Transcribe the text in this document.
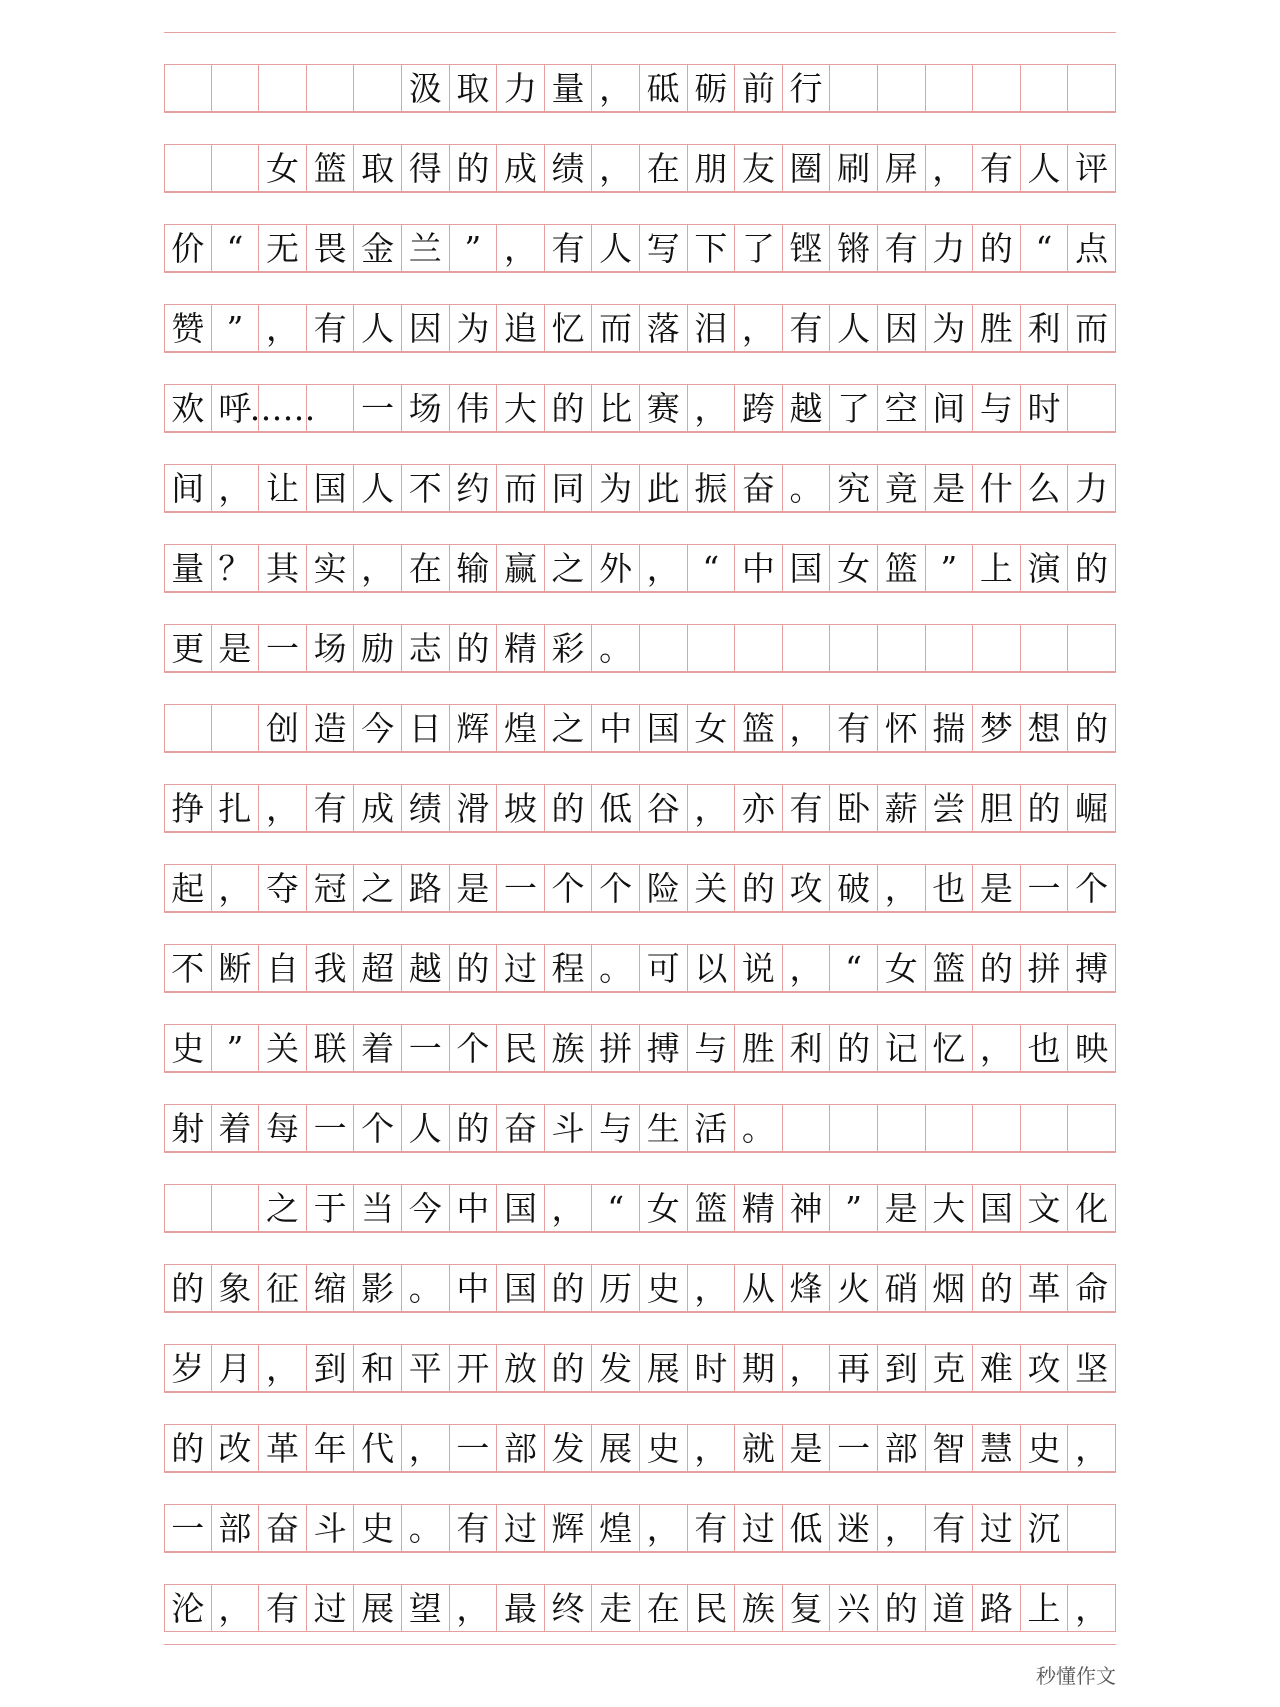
汲 取 力 量 ， 砥 砺 前 行
女 篮 取 得 的 成 绩 ， 在 朋 友 圈 刷 屏 ， 有 人 评
价 “ 无 畏 金 兰 ” ， 有 人 写 下 了 铿 锵 有 力 的 “ 点
赞 ” ， 有 人 因 为 追 忆 而 落 泪 ， 有 人 因 为 胜 利 而
欢 呼
…… 一 场 伟 大 的 比 赛 ， 跨 越 了 空 间 与 时
间 ， 让 国 人 不 约 而 同 为 此 振 奋 。 究 竟 是 什 么 力
量 ？ 其 实 ， 在 输 赢 之 外 ， “ 中 国 女 篮 ” 上 演 的
更 是 一 场 励 志 的 精 彩 。
创 造 今 日 辉 煌 之 中 国 女 篮 ， 有 怀 揣 梦 想 的
挣 扎 ， 有 成 绩 滑 坡 的 低 谷 ， 亦 有 卧 薪 尝 胆 的 崛
起 ， 夺 冠 之 路 是 一 个 个 险 关 的 攻 破 ， 也 是 一 个
不 断 自 我 超 越 的 过 程 。 可 以 说 ， “ 女 篮 的 拼 搏
史 ” 关 联 着 一 个 民 族 拼 搏 与 胜 利 的 记 忆 ， 也 映
射 着 每 一 个 人 的 奋 斗 与 生 活 。
之 于 当 今 中 国 ， “ 女 篮 精 神 ” 是 大 国 文 化
的 象 征 缩 影 。 中 国 的 历 史 ， 从 烽 火 硝 烟 的 革 命
岁 月 ， 到 和 平 开 放 的 发 展 时 期 ， 再 到 克 难 攻 坚
的 改 革 年 代 ， 一 部 发 展 史 ， 就 是 一 部 智 慧 史 ，
一 部 奋 斗 史 。 有 过 辉 煌 ， 有 过 低 迷 ， 有 过 沉
沦 ， 有 过 展 望 ， 最 终 走 在 民 族 复 兴 的 道 路 上 ，
秒懂作文
